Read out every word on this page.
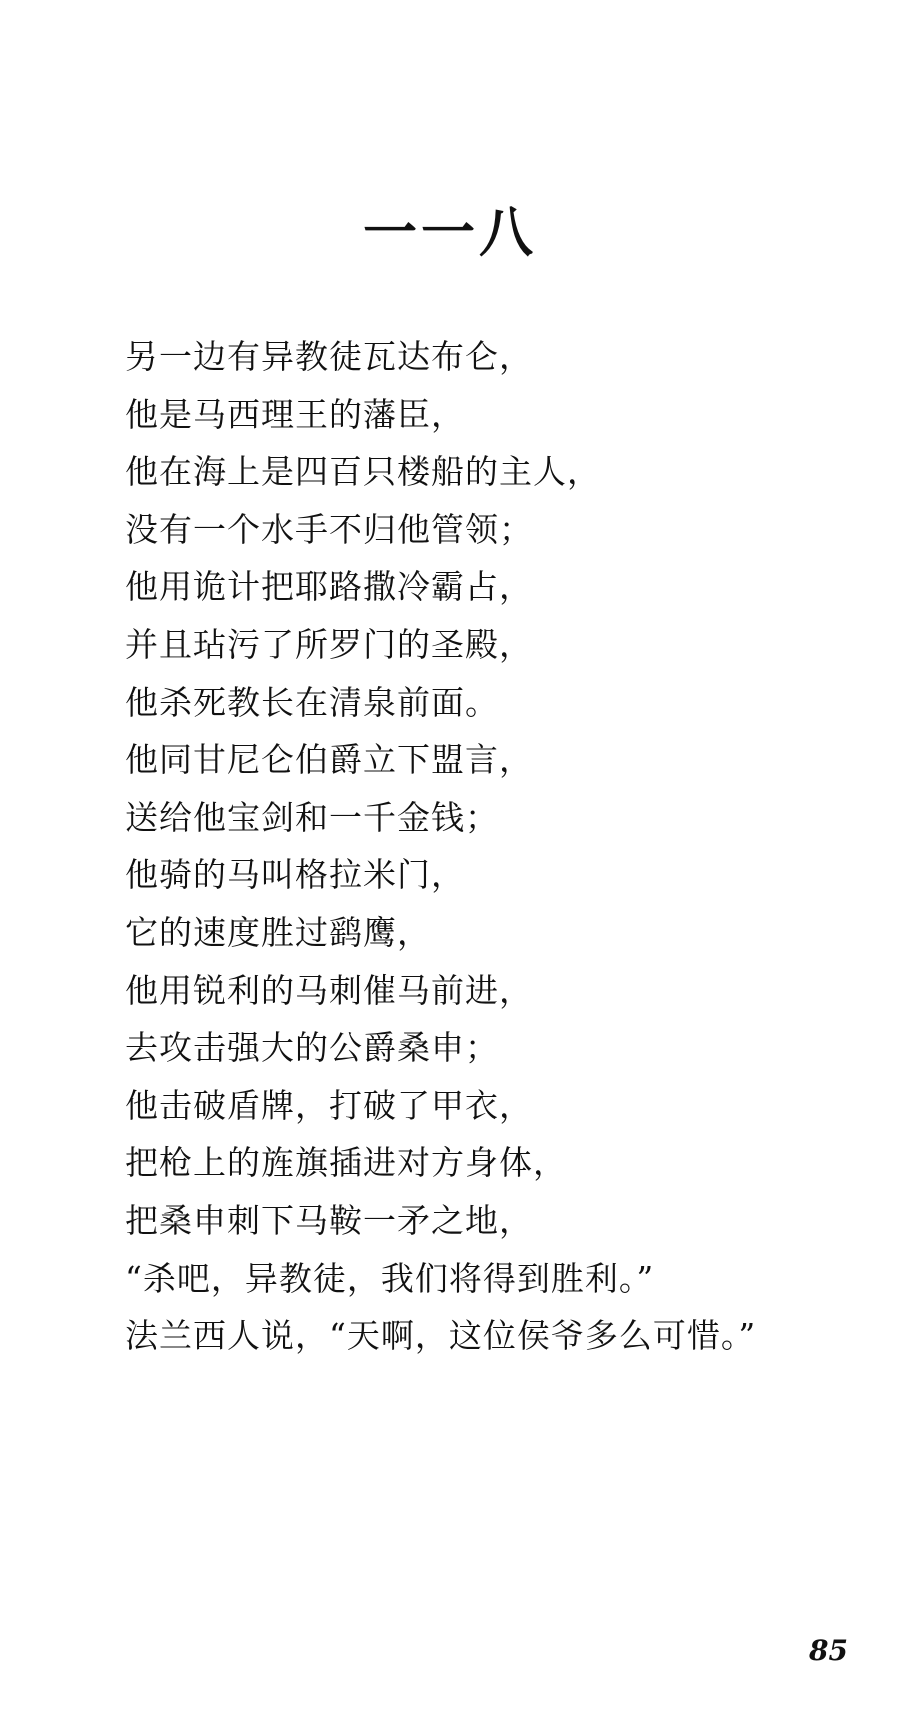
一一八
另一边有异教徒瓦达布仑，
他是马西理王的藩臣，
他在海上是四百只楼船的主人，
没有一个水手不归他管领；
他用诡计把耶路撒冷霸占，
并且玷污了所罗门的圣殿，
他杀死教长在清泉前面。
他同甘尼仑伯爵立下盟言，
送给他宝剑和一千金钱；
他骑的马叫格拉米门，
它的速度胜过鹞鹰，
他用锐利的马刺催马前进，
去攻击强大的公爵桑申；
他击破盾牌，打破了甲衣，
把枪上的旌旗插进对方身体，
把桑申刺下马鞍一矛之地，
“杀吧，异教徒，我们将得到胜利。”
法兰西人说，“天啊，这位侯爷多么可惜。”
85
